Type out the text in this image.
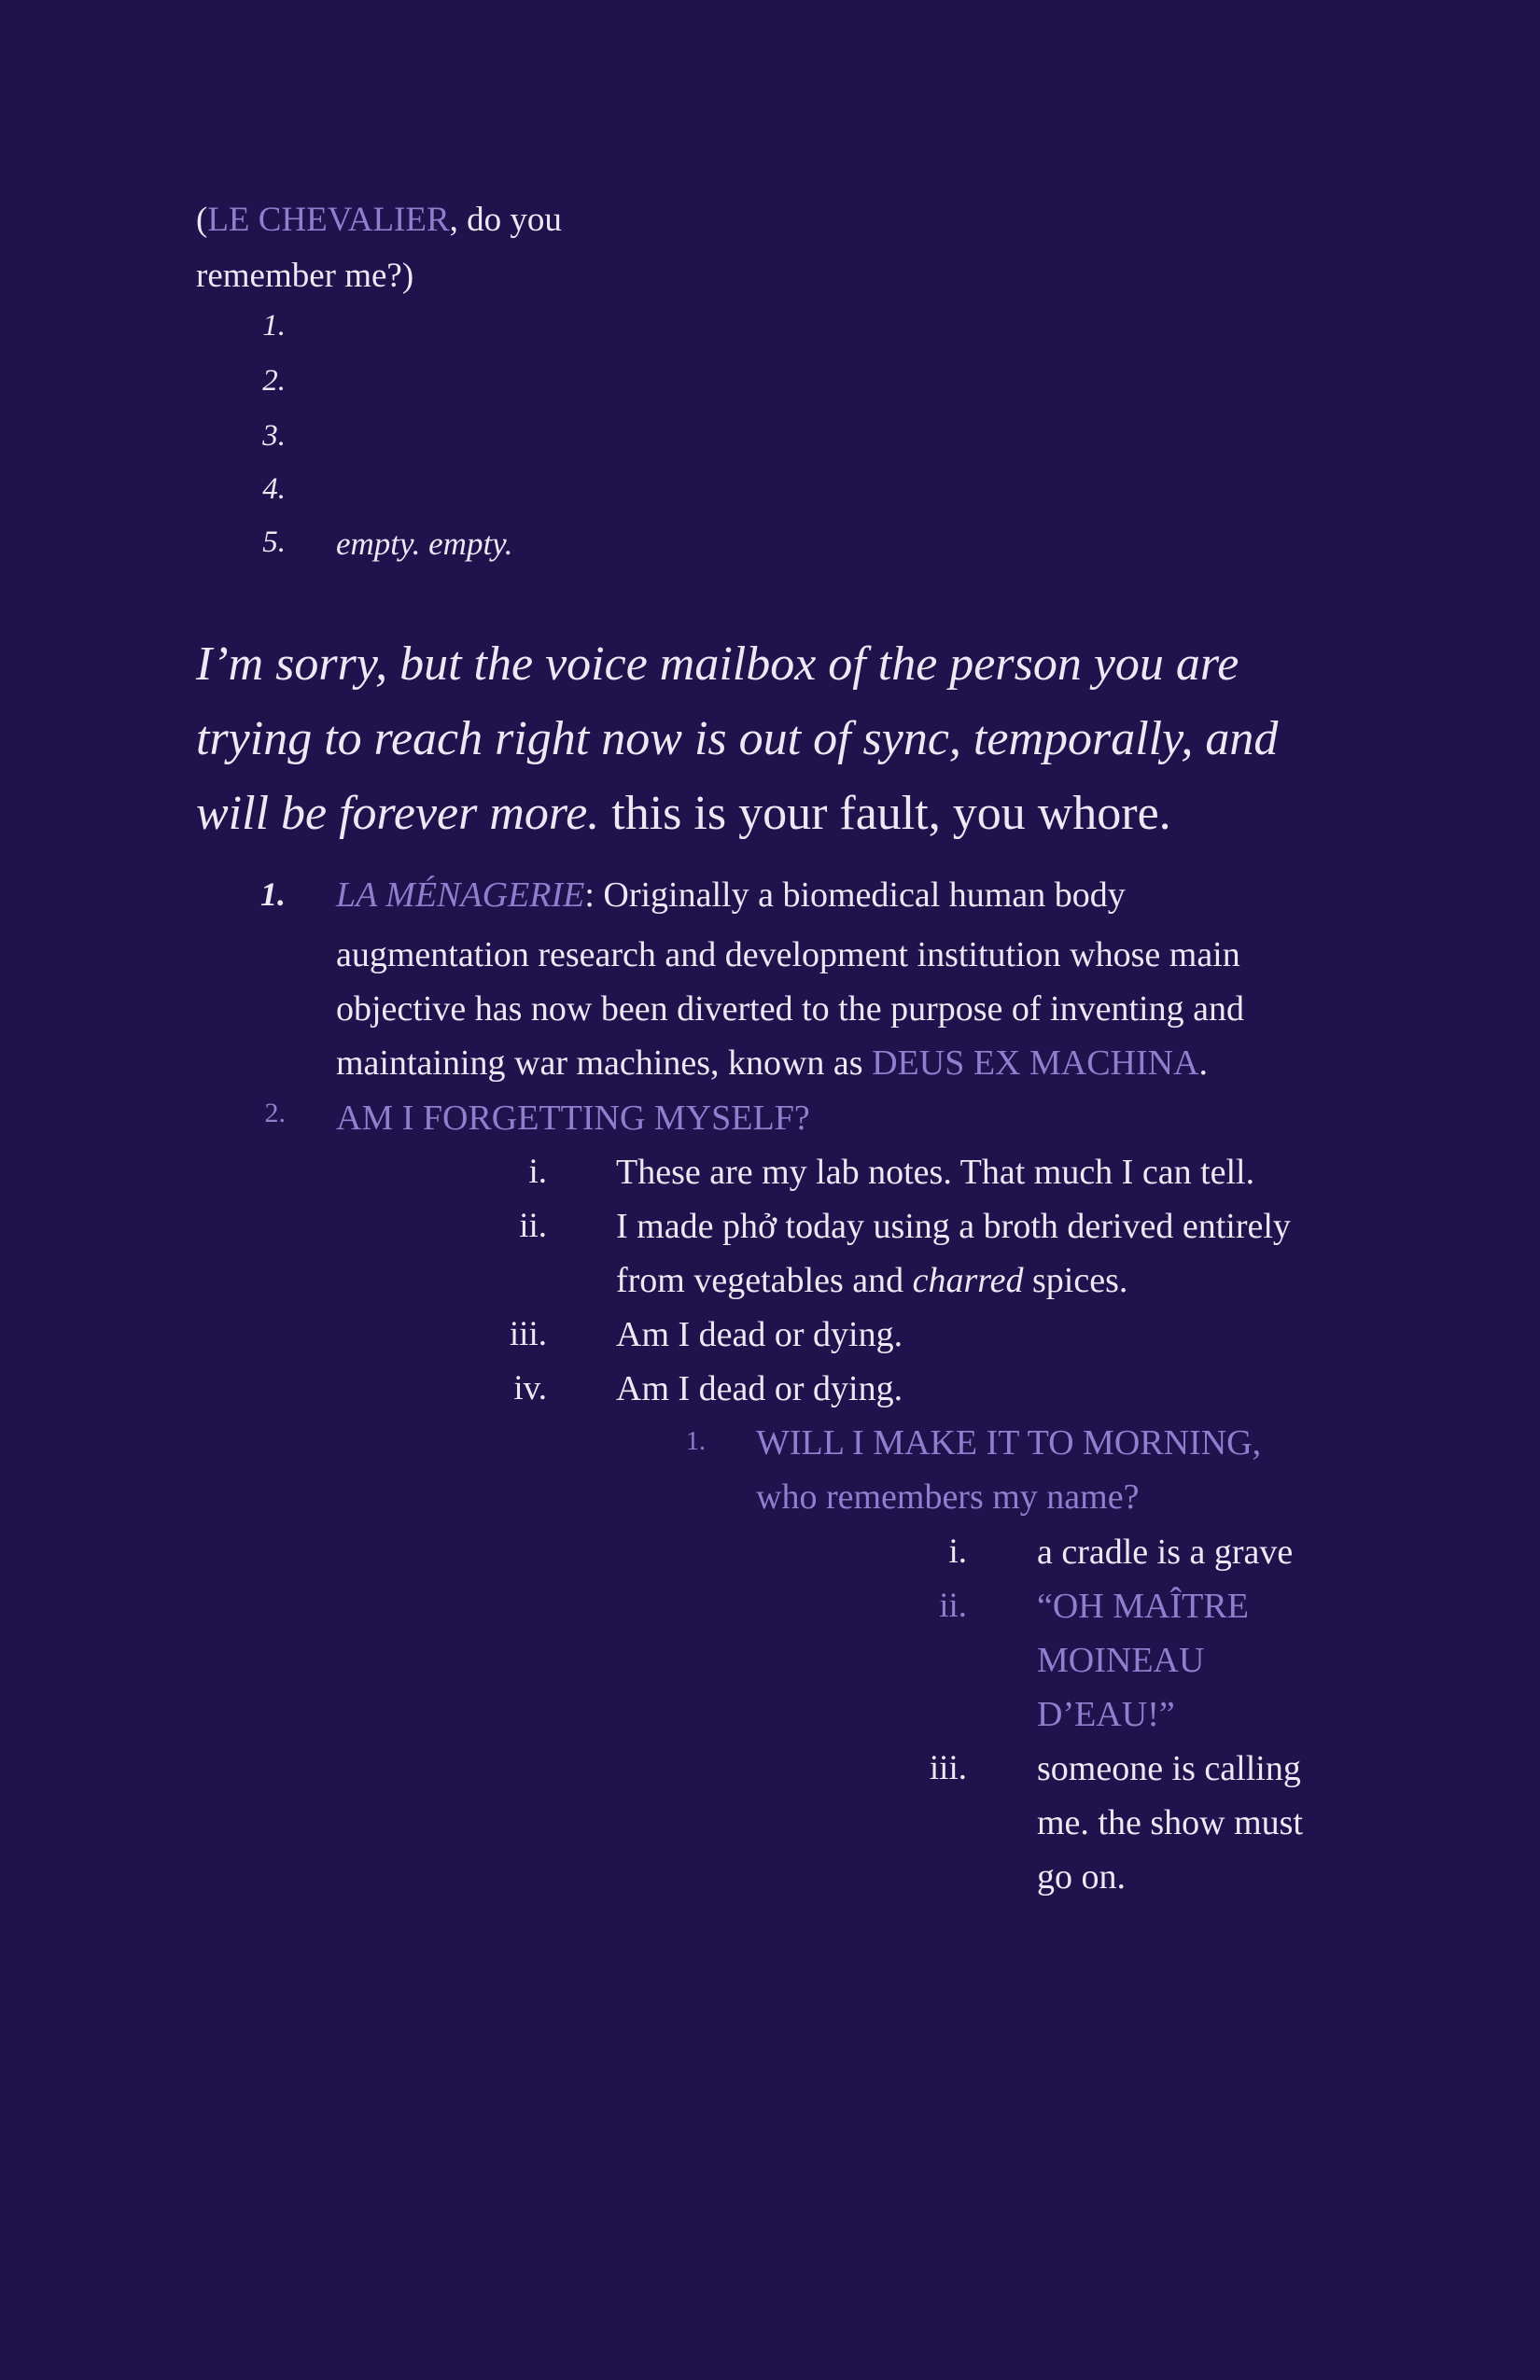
(LE CHEVALIER, do you
remember me?)
1.
2.
3.
4.
5. empty. empty.
I’m sorry, but the voice mailbox of the person you are
trying to reach right now is out of sync, temporally, and
will be forever more. this is your fault, you whore.
1. LA MÉNAGERIE: Originally a biomedical human body
augmentation research and development institution whose main
objective has now been diverted to the purpose of inventing and
maintaining war machines, known as DEUS EX MACHINA.
2. AM I FORGETTING MYSELF?
i. These are my lab notes. That much I can tell.
ii. I made phở today using a broth derived entirely
from vegetables and charred spices.
iii. Am I dead or dying.
iv. Am I dead or dying.
1. WILL I MAKE IT TO MORNING,
who remembers my name?
i. a cradle is a grave
ii. “OH MAÎTRE
MOINEAU
D’EAU!”
iii. someone is calling
me. the show must
go on.
